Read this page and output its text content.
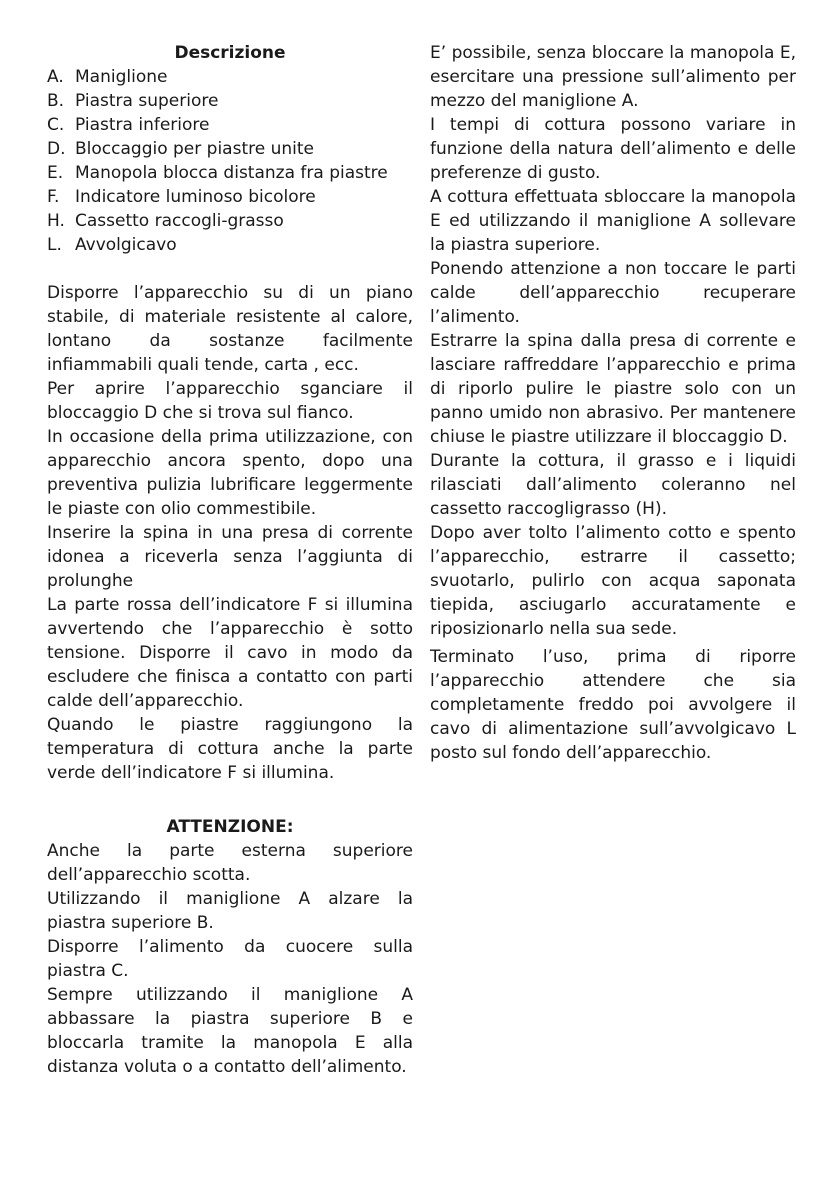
Descrizione
A. Maniglione
B. Piastra superiore
C. Piastra inferiore
D. Bloccaggio per piastre unite
E. Manopola blocca distanza fra piastre
F. Indicatore luminoso bicolore
H. Cassetto raccogli-grasso
L. Avvolgicavo

Disporre l’apparecchio su di un piano stabile, di materiale resistente al calore, lontano da sostanze facilmente infiammabili quali tende, carta , ecc.

Per aprire l’apparecchio sganciare il bloccaggio D che si trova sul fianco.

In occasione della prima utilizzazione, con apparecchio ancora spento, dopo una preventiva pulizia lubrificare leggermente le piaste con olio commestibile.

Inserire la spina in una presa di corrente idonea a riceverla senza l’aggiunta di prolunghe

La parte rossa dell’indicatore F si illumina avvertendo che l’apparecchio è sotto tensione. Disporre il cavo in modo da escludere che finisca a contatto con parti calde dell’apparecchio.

Quando le piastre raggiungono la temperatura di cottura anche la parte verde dell’indicatore F si illumina.

ATTENZIONE:

Anche la parte esterna superiore dell’apparecchio scotta.

Utilizzando il maniglione A alzare la piastra superiore B.

Disporre l’alimento da cuocere sulla piastra C.

Sempre utilizzando il maniglione A abbassare la piastra superiore B e bloccarla tramite la manopola E alla distanza voluta o a contatto dell’alimento.

E’ possibile, senza bloccare la manopola E, esercitare una pressione sull’alimento per mezzo del maniglione A.

I tempi di cottura possono variare in funzione della natura dell’alimento e delle preferenze di gusto.

A cottura effettuata sbloccare la manopola E ed utilizzando il maniglione A sollevare la piastra superiore.

Ponendo attenzione a non toccare le parti calde dell’apparecchio recuperare l’alimento.

Estrarre la spina dalla presa di corrente e lasciare raffreddare l’apparecchio e prima di riporlo pulire le piastre solo con un panno umido non abrasivo. Per mantenere chiuse le piastre utilizzare il bloccaggio D.

Durante la cottura, il grasso e i liquidi rilasciati dall’alimento coleranno nel cassetto raccogligrasso (H).

Dopo aver tolto l’alimento cotto e spento l’apparecchio, estrarre il cassetto; svuotarlo, pulirlo con acqua saponata tiepida, asciugarlo accuratamente e riposizionarlo nella sua sede.

Terminato l’uso, prima di riporre l’apparecchio attendere che sia completamente freddo poi avvolgere il cavo di alimentazione sull’avvolgicavo L posto sul fondo dell’apparecchio.
